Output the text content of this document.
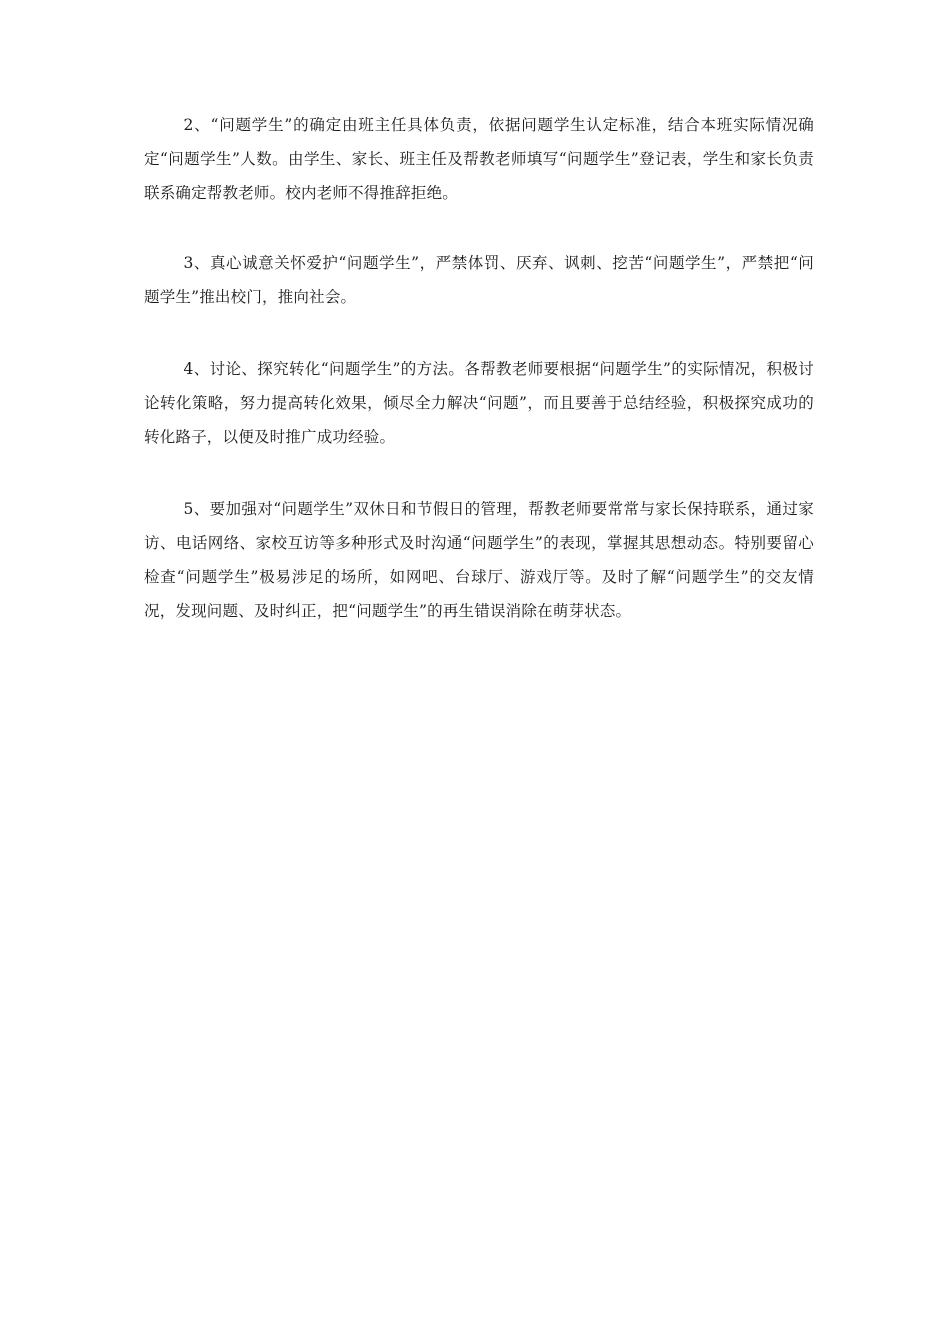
2、“问题学生”的确定由班主任具体负责，依据问题学生认定标准，结合本班实际情况确定“问题学生”人数。由学生、家长、班主任及帮教老师填写“问题学生”登记表，学生和家长负责联系确定帮教老师。校内老师不得推辞拒绝。

3、真心诚意关怀爱护“问题学生”，严禁体罚、厌弃、讽刺、挖苦“问题学生”，严禁把“问题学生”推出校门，推向社会。

4、讨论、探究转化“问题学生”的方法。各帮教老师要根据“问题学生”的实际情况，积极讨论转化策略，努力提高转化效果，倾尽全力解决“问题”，而且要善于总结经验，积极探究成功的转化路子，以便及时推广成功经验。

5、要加强对“问题学生”双休日和节假日的管理，帮教老师要常常与家长保持联系，通过家访、电话网络、家校互访等多种形式及时沟通“问题学生”的表现，掌握其思想动态。特别要留心检查“问题学生”极易涉足的场所，如网吧、台球厅、游戏厅等。及时了解“问题学生”的交友情况，发现问题、及时纠正，把“问题学生”的再生错误消除在萌芽状态。
